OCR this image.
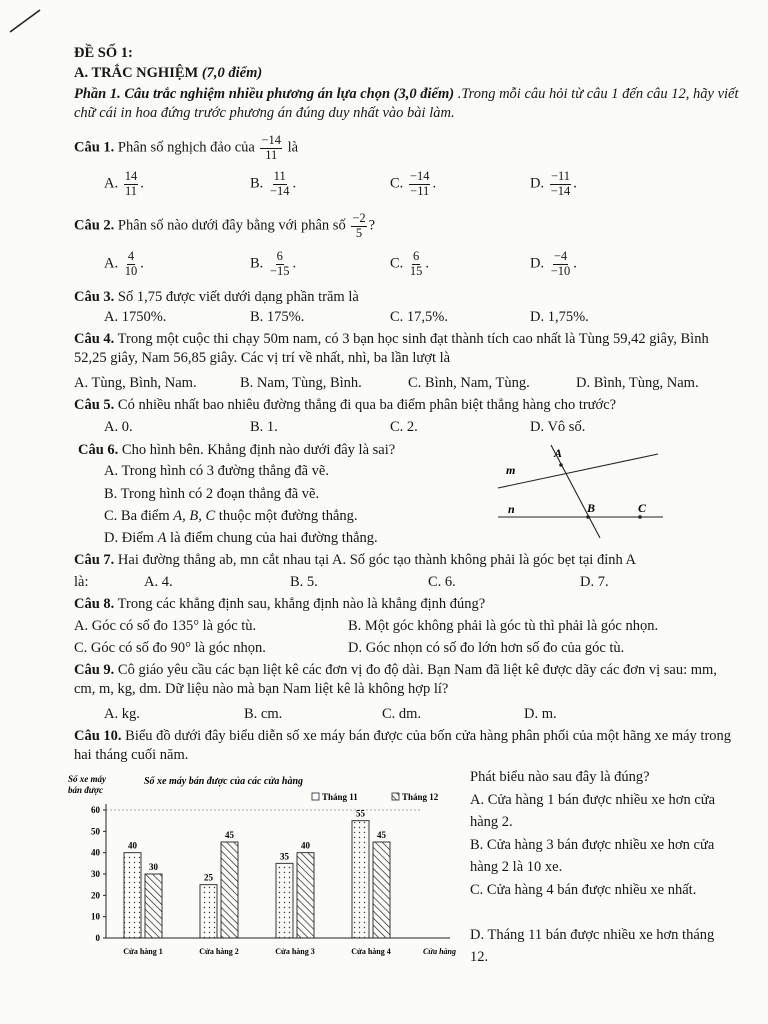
ĐỀ SỐ 1:
A. TRẮC NGHIỆM (7,0 điểm)
Phần 1. Câu trắc nghiệm nhiều phương án lựa chọn (3,0 điểm) .Trong mỗi câu hỏi từ câu 1 đến câu 12, hãy viết chữ cái in hoa đứng trước phương án đúng duy nhất vào bài làm.
Câu 1. Phân số nghịch đảo của $\frac{-14}{11}$ là
A. $\frac{14}{11}$ .	B. $\frac{11}{-14}$ .	C. $\frac{-14}{-11}$ .	D. $\frac{-11}{-14}$ .
Câu 2. Phân số nào dưới đây bằng với phân số $\frac{-2}{5}$ ?
A. $\frac{4}{10}$ .	B. $\frac{6}{-15}$ .	C. $\frac{6}{15}$ .	D. $\frac{-4}{-10}$ .
Câu 3. Số 1,75 được viết dưới dạng phần trăm là
A. 1750%.	B. 175%.	C. 17,5%.	D. 1,75%.
Câu 4. Trong một cuộc thi chạy 50m nam, có 3 bạn học sinh đạt thành tích cao nhất là Tùng 59,42 giây, Bình 52,25 giây, Nam 56,85 giây. Các vị trí về nhất, nhì, ba lần lượt là
A. Tùng, Bình, Nam.	B. Nam, Tùng, Bình.	C. Bình, Nam, Tùng.	D. Bình, Tùng, Nam.
Câu 5. Có nhiều nhất bao nhiêu đường thẳng đi qua ba điểm phân biệt thẳng hàng cho trước?
A. 0.	B. 1.	C. 2.	D. Vô số.
Câu 6. Cho hình bên. Khẳng định nào dưới đây là sai?
A. Trong hình có 3 đường thẳng đã vẽ.
B. Trong hình có 2 đoạn thẳng đã vẽ.
C. Ba điểm A, B, C thuộc một đường thẳng.
D. Điểm A là điểm chung của hai đường thẳng.
m
n
A
B	C
Câu 7. Hai đường thẳng ab, mn cắt nhau tại A. Số góc tạo thành không phải là góc bẹt tại đỉnh A
là:	A. 4.	B. 5.	C. 6.	D. 7.
Câu 8. Trong các khẳng định sau, khẳng định nào là khẳng định đúng?
A. Góc có số đo 135° là góc tù.	B. Một góc không phải là góc tù thì phải là góc nhọn.
C. Góc có số đo 90° là góc nhọn.	D. Góc nhọn có số đo lớn hơn số đo của góc tù.
Câu 9. Cô giáo yêu cầu các bạn liệt kê các đơn vị đo độ dài. Bạn Nam đã liệt kê được dãy các đơn vị sau: mm, cm, m, kg, dm. Dữ liệu nào mà bạn Nam liệt kê là không hợp lí?
A. kg.	B. cm.	C. dm.	D. m.
Câu 10. Biểu đồ dưới đây biểu diễn số xe máy bán được của bốn cửa hàng phân phối của một hãng xe máy trong hai tháng cuối năm.
Số xe máy bán được
Số xe máy bán được của các cửa hàng
Tháng 11	Tháng 12
0
10
20
30
40
50
60
Cửa hàng 1	Cửa hàng 2	Cửa hàng 3	Cửa hàng 4	Cửa hàng
40
30
25
45
35
40
55
45
Phát biểu nào sau đây là đúng?
A. Cửa hàng 1 bán được nhiều xe hơn cửa hàng 2.
B. Cửa hàng 3 bán được nhiều xe hơn cửa hàng 2 là 10 xe.
C. Cửa hàng 4 bán được nhiều xe nhất.
D. Tháng 11 bán được nhiều xe hơn tháng 12.
